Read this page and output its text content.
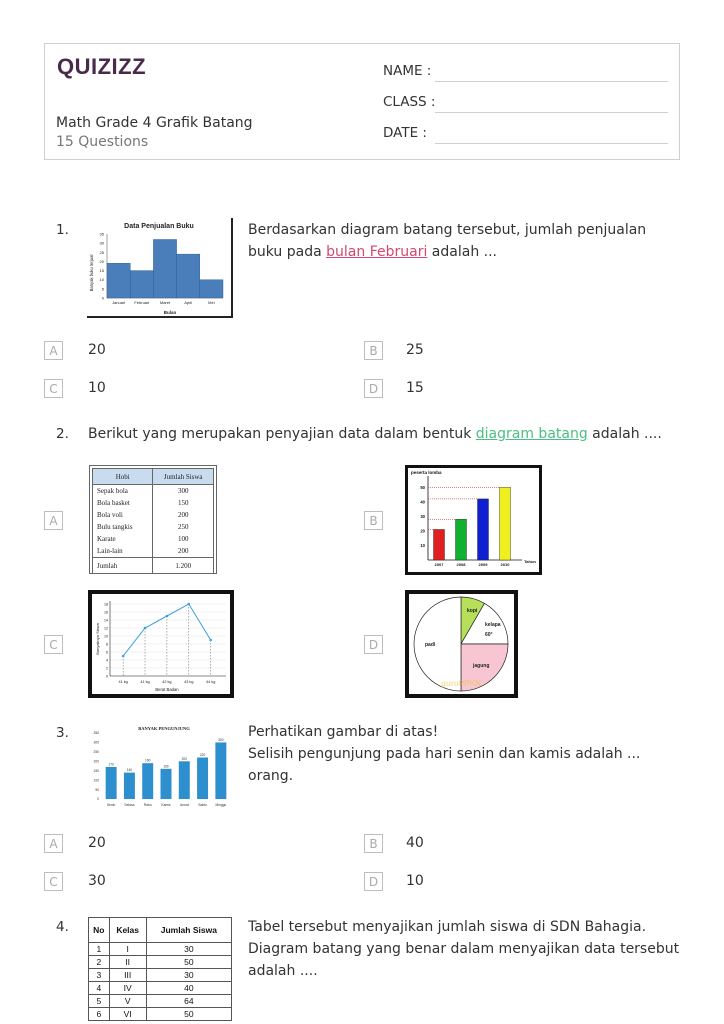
QUIZIZZ
Math Grade 4 Grafik Batang
15 Questions
NAME :
CLASS :
DATE :
1.	Data Penjualan Buku
Banyak buku terjual
Bulan
0
5
10
15
20
25
30
35
Januari Februari	Maret	April	Mei
Berdasarkan diagram batang tersebut, jumlah penjualan buku pada bulan Februari adalah ...
A	20	B	25
C	10	D	15
2. Berikut yang merupakan penyajian data dalam bentuk diagram batang adalah ....
A
Hobi	Jumlah Siswa
Sepak bola	300
Bola basket	150
Bola voli	200
Bulu tangkis	250
Karate	100
Lain-lain	200
Jumlah	1.200
B
peserta lomba
Tahun
10
20
30
40
50
2007	2008	2009	2010
C	Banyaknya Siswa
Berat Badan
0
2
4
6
8
10
12
14
16
18
41 kg	41 kg	42 kg	43 kg	44 kg
D
kopi
kelapa
60°
jagung
padi
guruPPKN
3.	BANYAK PENGUNJUNG
0
50
100
150
200
250
300
350
170
Senin
140
Selasa
190
Rabu
160
Kamis
200
Jumat
220
Sabtu
300
Minggu
Perhatikan gambar di atas!
Selisih pengunjung pada hari senin dan kamis adalah ... orang.
A	20	B	40
C	30	D	10
4.	No	Kelas	Jumlah Siswa
1	I	30
2	II	50
3	III	30
4	IV	40
5	V	64
6	VI	50
Tabel tersebut menyajikan jumlah siswa di SDN Bahagia.
Diagram batang yang benar dalam menyajikan data tersebut
adalah ....
